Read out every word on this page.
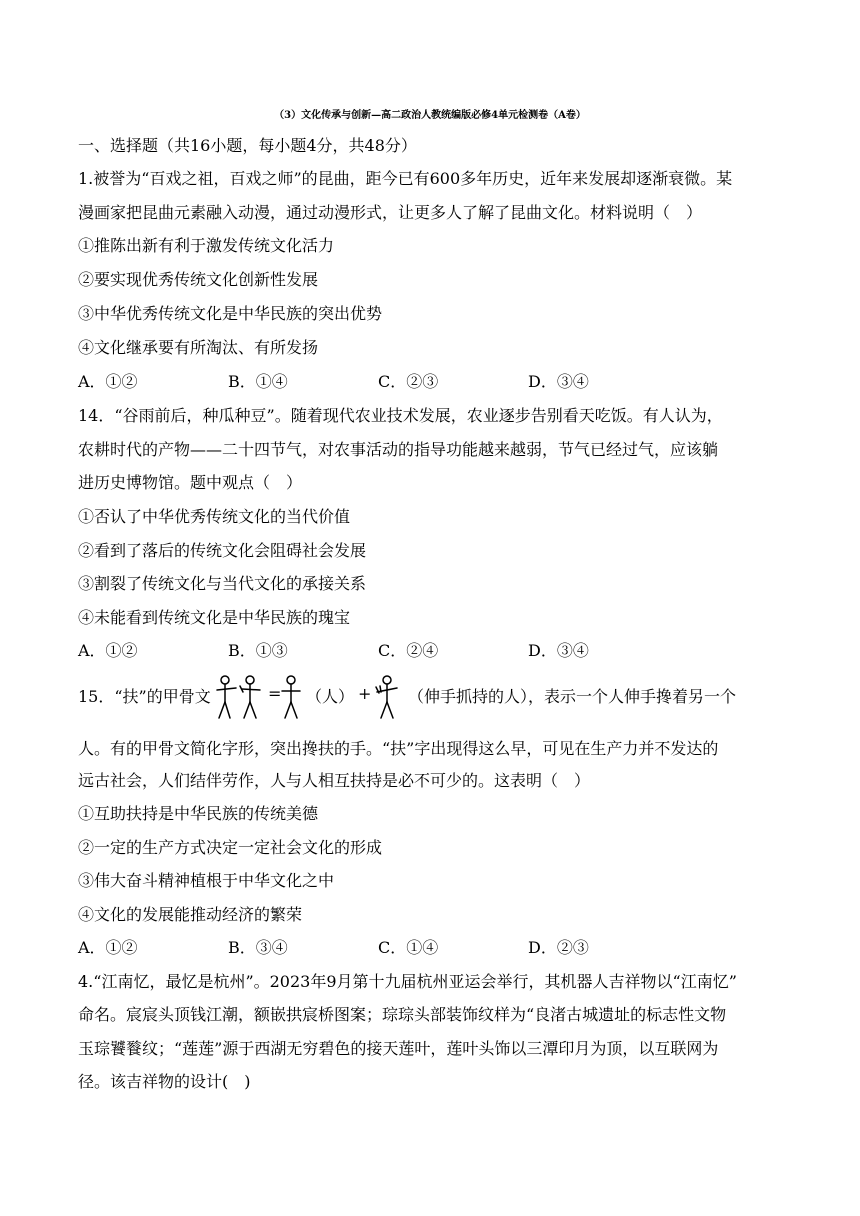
（3）文化传承与创新—高二政治人教统编版必修4单元检测卷（A卷）
一、选择题（共16小题，每小题4分，共48分）
1.被誉为“百戏之祖，百戏之师”的昆曲，距今已有600多年历史，近年来发展却逐渐衰微。某
漫画家把昆曲元素融入动漫，通过动漫形式，让更多人了解了昆曲文化。材料说明（　）
①推陈出新有利于激发传统文化活力
②要实现优秀传统文化创新性发展
③中华优秀传统文化是中华民族的突出优势
④文化继承要有所淘汰、有所发扬
A．①②	B．①④	C．②③	D．③④
14．“谷雨前后，种瓜种豆”。随着现代农业技术发展，农业逐步告别看天吃饭。有人认为，
农耕时代的产物——二十四节气，对农事活动的指导功能越来越弱，节气已经过气，应该躺
进历史博物馆。题中观点（　）
①否认了中华优秀传统文化的当代价值
②看到了落后的传统文化会阻碍社会发展
③割裂了传统文化与当代文化的承接关系
④未能看到传统文化是中华民族的瑰宝
A．①②	B．①③	C．②④	D．③④
15．“扶”的甲骨文	= （人） + （伸手抓持的人），表示一个人伸手搀着另一个
人。有的甲骨文简化字形，突出搀扶的手。“扶”字出现得这么早，可见在生产力并不发达的
远古社会，人们结伴劳作，人与人相互扶持是必不可少的。这表明（　）
①互助扶持是中华民族的传统美德
②一定的生产方式决定一定社会文化的形成
③伟大奋斗精神植根于中华文化之中
④文化的发展能推动经济的繁荣
A．①②	B．③④	C．①④	D．②③
4.“江南忆，最忆是杭州”。2023年9月第十九届杭州亚运会举行，其机器人吉祥物以“江南忆”
命名。宸宸头顶钱江潮，额嵌拱宸桥图案；琮琮头部装饰纹样为“良渚古城遗址的标志性文物
玉琮饕餮纹；“莲莲”源于西湖无穷碧色的接天莲叶，莲叶头饰以三潭印月为顶，以互联网为
径。该吉祥物的设计(　)
